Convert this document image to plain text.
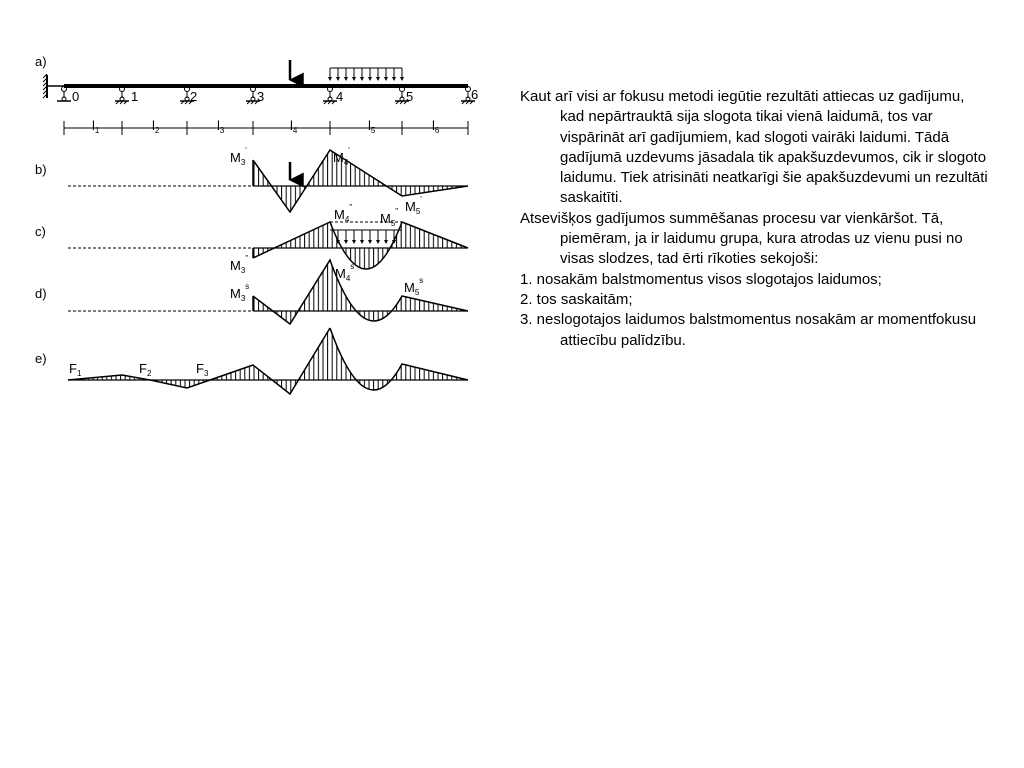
a)
b)
c)
d)
e)
0	1	2	3	4	5	6
$l_1$	$l_2$	$l_3$	$l_4$	$l_5$	$l_6$
$M_3'$	$M_4'$
$M_5'$
$M_4^"$
$M_5^"$
$M_3^"$
$M_4^s$
$M_3^s$	$M_5^s$
$F_1$	$F_2$	$F_3$

Kaut arī visi ar fokusu metodi iegūtie rezultāti attiecas uz gadījumu, kad nepārtrauktā sija slogota tikai vienā laidumā, tos var vispārināt arī gadījumiem, kad slogoti vairāki laidumi. Tādā gadījumā uzdevums jāsadala tik apakšuzdevumos, cik ir slogoto laidumu. Tiek atrisināti neatkarīgi šie apakšuzdevumi un rezultāti saskaitīti.

Atsevišķos gadījumos summēšanas procesu var vienkāršot. Tā, piemēram, ja ir laidumu grupa, kura atrodas uz vienu pusi no visas slodzes, tad ērti rīkoties sekojoši:

1. nosakām balstmomentus visos slogotajos laidumos;

2. tos saskaitām;

3. neslogotajos laidumos balstmomentus nosakām ar momentfokusu attiecību palīdzību.
